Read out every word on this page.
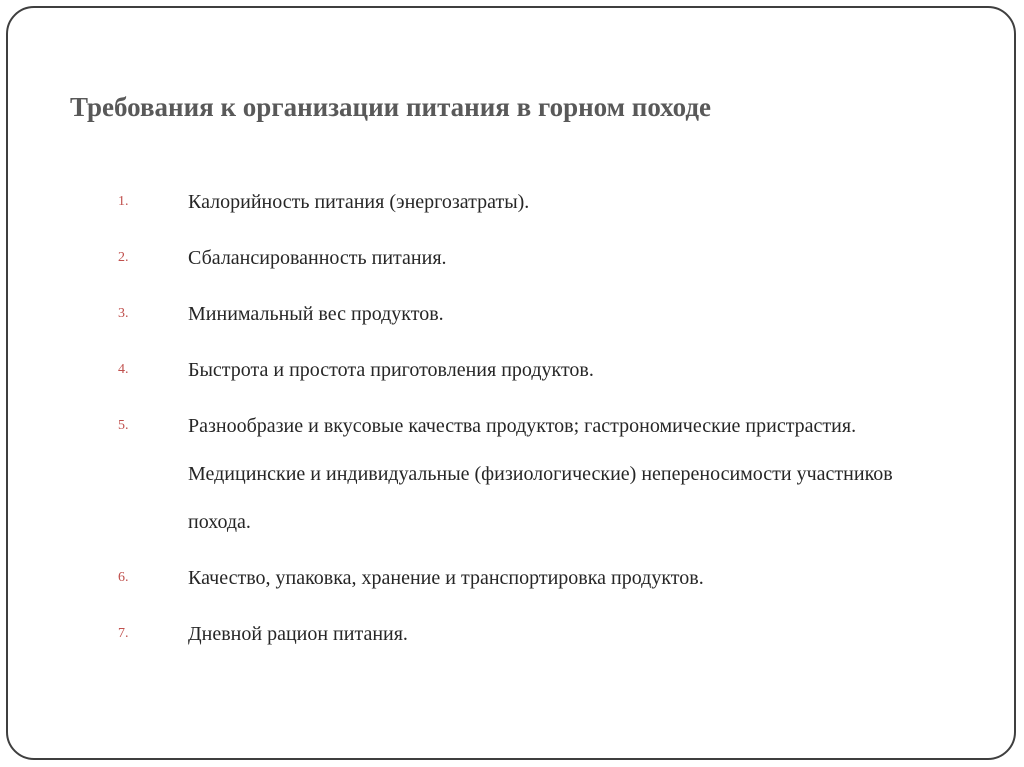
Требования к организации питания в горном походе
1.	Калорийность питания (энергозатраты).
2.	Сбалансированность питания.
3.	Минимальный вес продуктов.
4.	Быстрота и простота приготовления продуктов.
5.	Разнообразие и вкусовые качества продуктов; гастрономические пристрастия. Медицинские и индивидуальные (физиологические) непереносимости участников похода.
6.	Качество, упаковка, хранение и транспортировка продуктов.
7.	Дневной рацион питания.
